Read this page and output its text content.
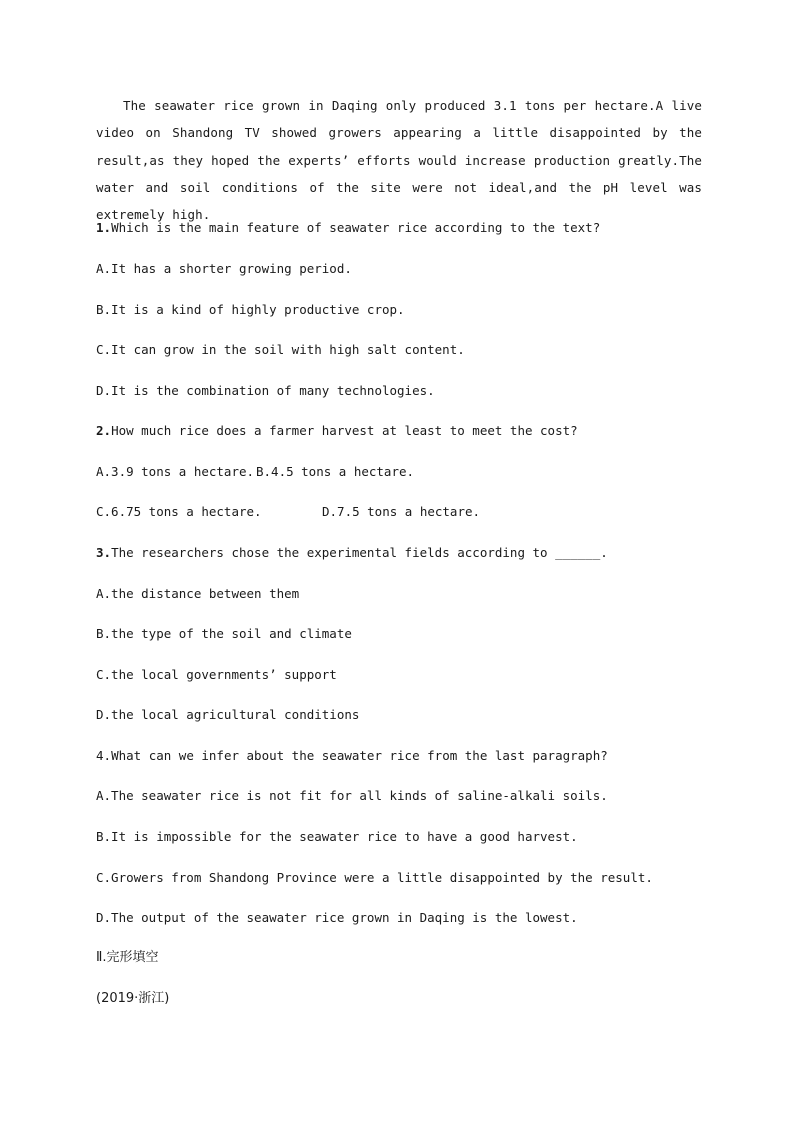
The seawater rice grown in Daqing only produced 3.1 tons per hectare.A live video on Shandong TV showed growers appearing a little disappointed by the result,as they hoped the experts’ efforts would increase production greatly.The water and soil conditions of the site were not ideal,and the pH level was extremely high.

1.Which is the main feature of seawater rice according to the text?
A.It has a shorter growing period.
B.It is a kind of highly productive crop.
C.It can grow in the soil with high salt content.
D.It is the combination of many technologies.
2.How much rice does a farmer harvest at least to meet the cost?
A.3.9 tons a hectare. B.4.5 tons a hectare.
C.6.75 tons a hectare.	D.7.5 tons a hectare.
3.The researchers chose the experimental fields according to ______.
A.the distance between them
B.the type of the soil and climate
C.the local governments’ support
D.the local agricultural conditions
4.What can we infer about the seawater rice from the last paragraph?
A.The seawater rice is not fit for all kinds of saline-alkali soils.
B.It is impossible for the seawater rice to have a good harvest.
C.Growers from Shandong Province were a little disappointed by the result.
D.The output of the seawater rice grown in Daqing is the lowest.
Ⅱ.完形填空
(2019·浙江)
